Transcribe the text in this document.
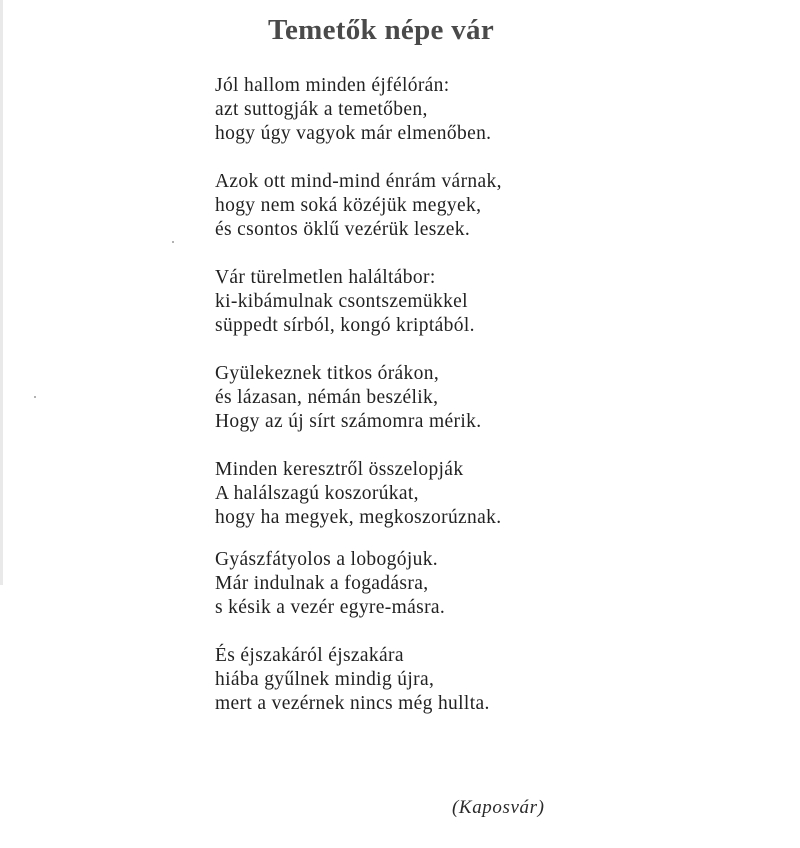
Temetők népe vár

Jól hallom minden éjfélórán:
azt suttogják a temetőben,
hogy úgy vagyok már elmenőben.

Azok ott mind-mind énrám várnak,
hogy nem soká közéjük megyek,
és csontos öklű vezérük leszek.

Vár türelmetlen haláltábor:
ki-kibámulnak csontszemükkel
süppedt sírból, kongó kriptából.

Gyülekeznek titkos órákon,
és lázasan, némán beszélik,
Hogy az új sírt számomra mérik.

Minden keresztről összelopják
A halálszagú koszorúkat,
hogy ha megyek, megkoszorúznak.

Gyászfátyolos a lobogójuk.
Már indulnak a fogadásra,
s késik a vezér egyre-másra.

És éjszakáról éjszakára
hiába gyűlnek mindig újra,
mert a vezérnek nincs még hullta.

(Kaposvár)
